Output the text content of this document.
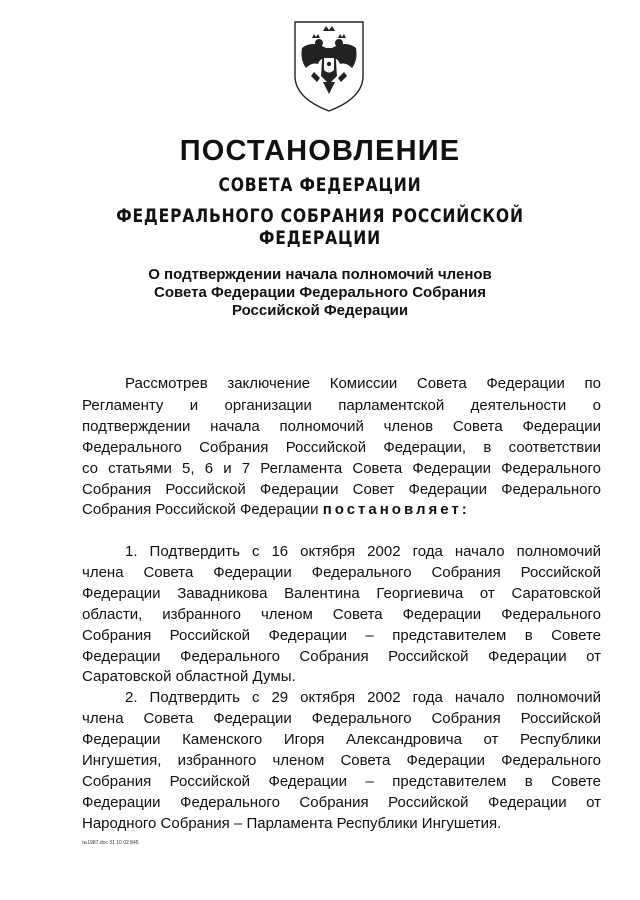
ПОСТАНОВЛЕНИЕ
СОВЕТА ФЕДЕРАЦИИ
ФЕДЕРАЛЬНОГО СОБРАНИЯ РОССИЙСКОЙ ФЕДЕРАЦИИ
О подтверждении начала полномочий членов
Совета Федерации Федерального Собрания
Российской Федерации
Рассмотрев заключение Комиссии Совета Федерации по
Регламенту и организации парламентской деятельности о
подтверждении начала полномочий членов Совета Федерации
Федерального Собрания Российской Федерации, в соответствии
со статьями 5, 6 и 7 Регламента Совета Федерации Федерального
Собрания Российской Федерации Совет Федерации Федерального
Собрания Российской Федерации постановляет:
1. Подтвердить с 16 октября 2002 года начало полномочий
члена Совета Федерации Федерального Собрания Российской
Федерации Завадникова Валентина Георгиевича от Саратовской
области, избранного членом Совета Федерации Федерального
Собрания Российской Федерации – представителем в Совете
Федерации Федерального Собрания Российской Федерации от
Саратовской областной Думы.
2. Подтвердить с 29 октября 2002 года начало полномочий
члена Совета Федерации Федерального Собрания Российской
Федерации Каменского Игоря Александровича от Республики
Ингушетия, избранного членом Совета Федерации Федерального
Собрания Российской Федерации – представителем в Совете
Федерации Федерального Собрания Российской Федерации от
Народного Собрания – Парламента Республики Ингушетия.
№1987.doc 31 10 02 845
